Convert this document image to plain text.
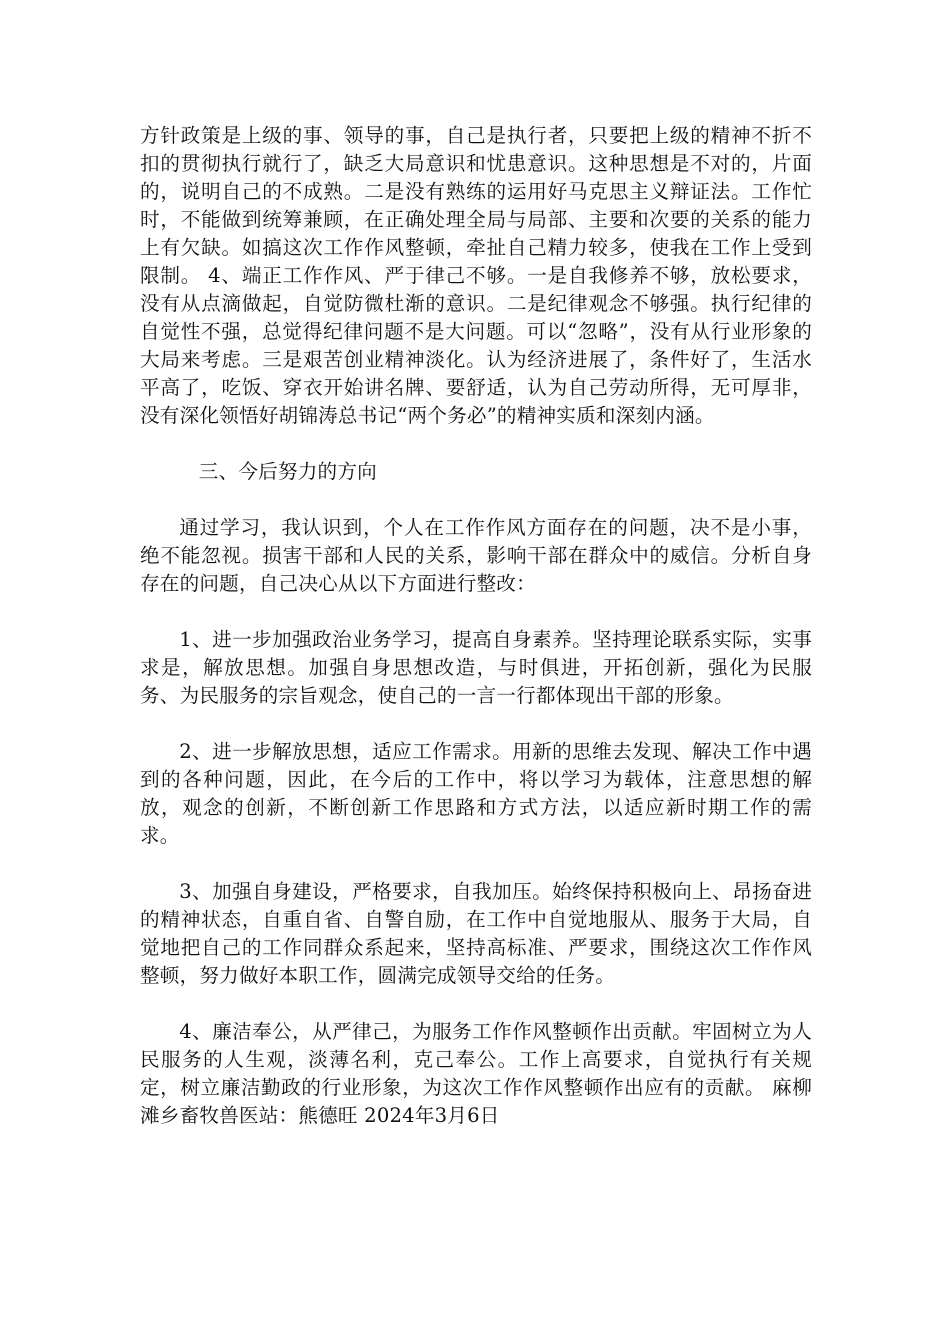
方针政策是上级的事、领导的事，自己是执行者，只要把上级的精神不折不扣的贯彻执行就行了，缺乏大局意识和忧患意识。这种思想是不对的，片面的，说明自己的不成熟。二是没有熟练的运用好马克思主义辩证法。工作忙时，不能做到统筹兼顾，在正确处理全局与局部、主要和次要的关系的能力上有欠缺。如搞这次工作作风整顿，牵扯自己精力较多，使我在工作上受到限制。 4、端正工作作风、严于律己不够。一是自我修养不够，放松要求，没有从点滴做起，自觉防微杜渐的意识。二是纪律观念不够强。执行纪律的自觉性不强，总觉得纪律问题不是大问题。可以“忽略”，没有从行业形象的大局来考虑。三是艰苦创业精神淡化。认为经济进展了，条件好了，生活水平高了，吃饭、穿衣开始讲名牌、要舒适，认为自己劳动所得，无可厚非，没有深化领悟好胡锦涛总书记“两个务必”的精神实质和深刻内涵。

三、今后努力的方向

通过学习，我认识到，个人在工作作风方面存在的问题，决不是小事，绝不能忽视。损害干部和人民的关系，影响干部在群众中的威信。分析自身存在的问题，自己决心从以下方面进行整改：

1、进一步加强政治业务学习，提高自身素养。坚持理论联系实际，实事求是，解放思想。加强自身思想改造，与时俱进，开拓创新，强化为民服务、为民服务的宗旨观念，使自己的一言一行都体现出干部的形象。

2、进一步解放思想，适应工作需求。用新的思维去发现、解决工作中遇到的各种问题，因此，在今后的工作中，将以学习为载体，注意思想的解放，观念的创新，不断创新工作思路和方式方法，以适应新时期工作的需求。

3、加强自身建设，严格要求，自我加压。始终保持积极向上、昂扬奋进的精神状态，自重自省、自警自励，在工作中自觉地服从、服务于大局，自觉地把自己的工作同群众系起来，坚持高标准、严要求，围绕这次工作作风整顿，努力做好本职工作，圆满完成领导交给的任务。

4、廉洁奉公，从严律己，为服务工作作风整顿作出贡献。牢固树立为人民服务的人生观，淡薄名利，克己奉公。工作上高要求，自觉执行有关规定，树立廉洁勤政的行业形象，为这次工作作风整顿作出应有的贡献。 麻柳滩乡畜牧兽医站：熊德旺 2024年3月6日
